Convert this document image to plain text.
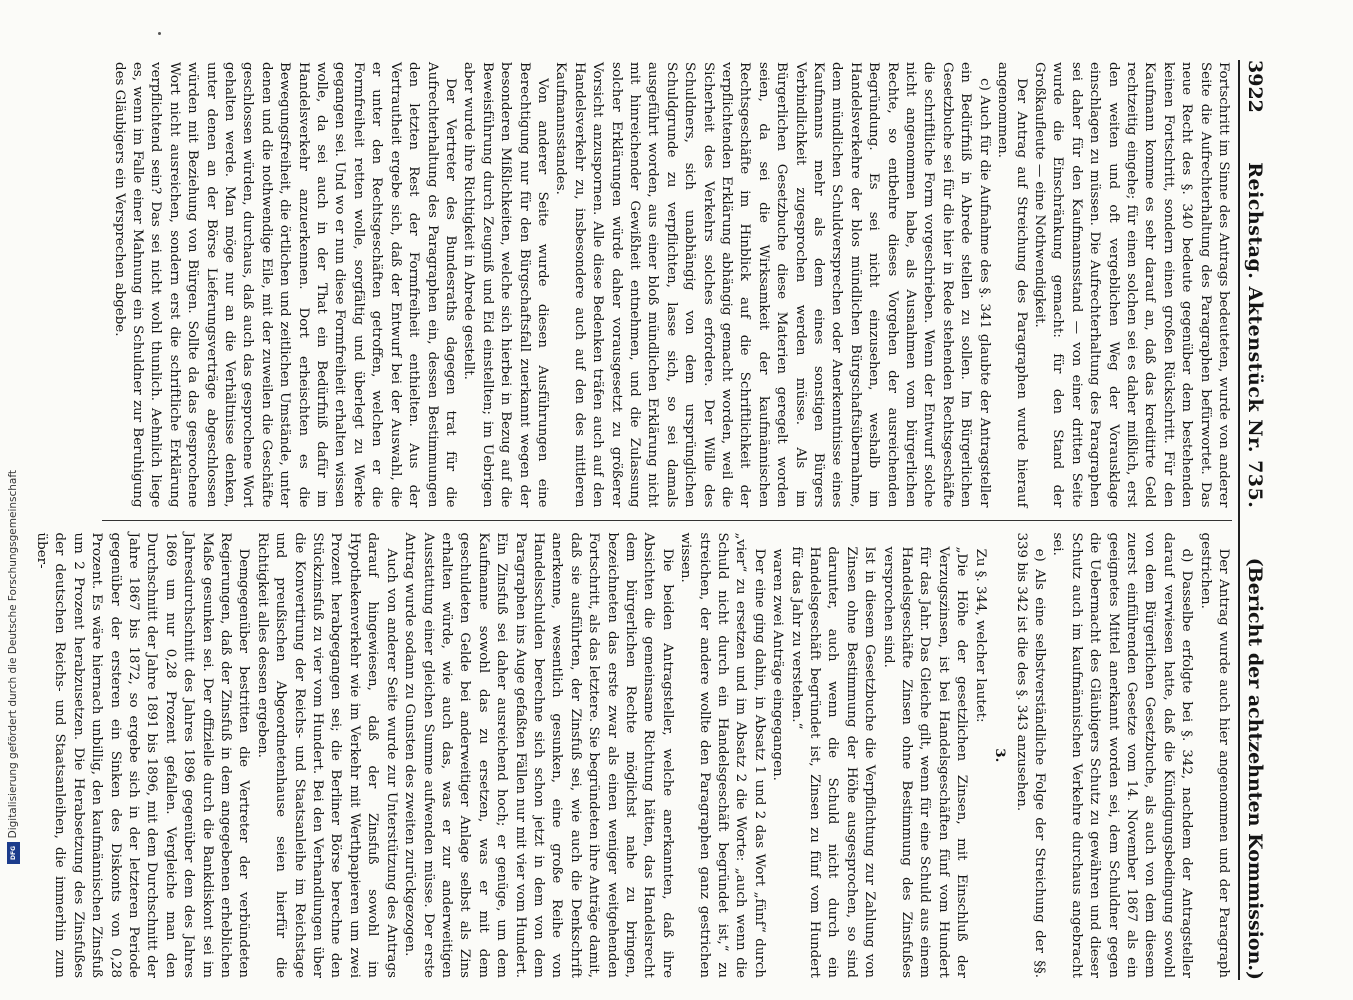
3922
Reichstag. Aktenstück Nr. 735.
(Bericht der achtzehnten Kommission.)

Fortschritt im Sinne des Antrags bedeuteten, wurde von anderer Seite die Aufrechterhaltung des Paragraphen befürwortet. Das neue Recht des §. 340 bedeute gegenüber dem bestehenden keinen Fortschritt, sondern einen großen Rückschritt. Für den Kaufmann komme es sehr darauf an, daß das kreditirte Geld rechtzeitig eingehe; für einen solchen sei es daher mißlich, erst den weiten und oft vergeblichen Weg der Vorausklage einschlagen zu müssen. Die Aufrechterhaltung des Paragraphen sei daher für den Kaufmannsstand — von einer dritten Seite wurde die Einschränkung gemacht: für den Stand der Großkaufleute — eine Nothwendigkeit.

Der Antrag auf Streichung des Paragraphen wurde hierauf angenommen.

c) Auch für die Aufnahme des §. 341 glaubte der Antragsteller ein Bedürfniß in Abrede stellen zu sollen. Im Bürgerlichen Gesetzbuche sei für die hier in Rede stehenden Rechtsgeschäfte die schriftliche Form vorgeschrieben. Wenn der Entwurf solche nicht angenommen habe, als Ausnahmen vom bürgerlichen Rechte, so entbehre dieses Vorgehen der ausreichenden Begründung. Es sei nicht einzusehen, weshalb im Handelsverkehre der blos mündlichen Bürgschaftsübernahme, dem mündlichen Schuldversprechen oder Anerkenntnisse eines Kaufmanns mehr als dem eines sonstigen Bürgers Verbindlichkeit zugesprochen werden müsse. Als im Bürgerlichen Gesetzbuche diese Materien geregelt worden seien, da sei die Wirksamkeit der kaufmännischen Rechtsgeschäfte im Hinblick auf die Schriftlichkeit der verpflichtenden Erklärung abhängig gemacht worden, weil die Sicherheit des Verkehrs solches erfordere. Der Wille des Schuldners, sich unabhängig von dem ursprünglichen Schuldgrunde zu verpflichten, lasse sich, so sei damals ausgeführt worden, aus einer bloß mündlichen Erklärung nicht mit hinreichender Gewißheit entnehmen, und die Zulassung solcher Erklärungen würde daher vorausgesetzt zu größerer Vorsicht anzuspornen. Alle diese Bedenken träfen auch auf den Handelsverkehr zu, insbesondere auch auf den des mittleren Kaufmannsstandes.

Von anderer Seite wurde diesen Ausführungen eine Berechtigung nur für den Bürgschaftsfall zuerkannt wegen der besonderen Mißlichkeiten, welche sich hierbei in Bezug auf die Beweisführung durch Zeugniß und Eid einstellten; im Uebrigen aber wurde ihre Richtigkeit in Abrede gestellt.

Der Vertreter des Bundesraths dagegen trat für die Aufrechterhaltung des Paragraphen ein, dessen Bestimmungen den letzten Rest der Formfreiheit enthielten. Aus der Vertrautheit ergebe sich, daß der Entwurf bei der Auswahl, die er unter den Rechtsgeschäften getroffen, welchen er die Formfreiheit retten wolle, sorgfältig und überlegt zu Werke gegangen sei. Und wo er nun diese Formfreiheit erhalten wissen wolle, da sei auch in der That ein Bedürfniß dafür im Handelsverkehr anzuerkennen. Dort erheischten es die Bewegungsfreiheit, die örtlichen und zeitlichen Umstände, unter denen und die nothwendige Eile, mit der zuweilen die Geschäfte geschlossen würden, durchaus, daß auch das gesprochene Wort gehalten werde. Man möge nur an die Verhältnisse denken, unter denen an der Börse Lieferungsverträge abgeschlossen würden mit Beziehung von Bürgen. Sollte da das gesprochene Wort nicht ausreichen, sondern erst die schriftliche Erklärung verpflichtend sein? Das sei nicht wohl thunlich. Aehnlich liege es, wenn im Falle einer Mahnung ein Schuldner zur Beruhigung des Gläubigers ein Versprechen abgebe.

Der Antrag wurde auch hier angenommen und der Paragraph gestrichen.

d) Dasselbe erfolgte bei §. 342, nachdem der Antragsteller darauf verwiesen hatte, daß die Kündigungsbedingung sowohl von dem Bürgerlichen Gesetzbuche, als auch von dem diesem zuerst einführenden Gesetze vom 14. November 1867 als ein geeignetes Mittel anerkannt worden sei, dem Schuldner gegen die Uebermacht des Gläubigers Schutz zu gewähren und dieser Schutz auch im kaufmännischen Verkehre durchaus angebracht sei.

e) Als eine selbstverständliche Folge der Streichung der §§. 339 bis 342 ist die des §. 343 anzusehen.

3.

Zu §. 344, welcher lautet:

„Die Höhe der gesetzlichen Zinsen, mit Einschluß der Verzugszinsen, ist bei Handelsgeschäften fünf vom Hundert für das Jahr. Das Gleiche gilt, wenn für eine Schuld aus einem Handelsgeschäfte Zinsen ohne Bestimmung des Zinsfußes versprochen sind.

Ist in diesem Gesetzbuche die Verpflichtung zur Zahlung von Zinsen ohne Bestimmung der Höhe ausgesprochen, so sind darunter, auch wenn die Schuld nicht durch ein Handelsgeschäft begründet ist, Zinsen zu fünf vom Hundert für das Jahr zu verstehen.“

waren zwei Anträge eingegangen.

Der eine ging dahin, in Absatz 1 und 2 das Wort „fünf“ durch „vier“ zu ersetzen und im Absatz 2 die Worte: „auch wenn die Schuld nicht durch ein Handelsgeschäft begründet ist,“ zu streichen, der andere wollte den Paragraphen ganz gestrichen wissen.

Die beiden Antragsteller, welche anerkannten, daß ihre Absichten die gemeinsame Richtung hätten, das Handelsrecht dem bürgerlichen Rechte möglichst nahe zu bringen, bezeichneten das erste zwar als einen weniger weitgehenden Fortschritt, als das letztere. Sie begründeten ihre Anträge damit, daß sie ausführten, der Zinsfuß sei, wie auch die Denkschrift anerkenne, wesentlich gesunken, eine große Reihe von Handelsschulden berechne sich schon jetzt in dem von dem Paragraphen ins Auge gefaßten Fällen nur mit vier vom Hundert. Ein Zinsfuß sei daher ausreichend hoch; er genüge, um dem Kaufmanne sowohl das zu ersetzen, was er mit dem geschuldeten Gelde bei anderweitiger Anlage selbst als Zins erhalten würde, wie auch das, was er zur anderweitigen Ausstattung einer gleichen Summe aufwenden müsse. Der erste Antrag wurde sodann zu Gunsten des zweiten zurückgezogen.

Auch von anderer Seite wurde zur Unterstützung des Antrags darauf hingewiesen, daß der Zinsfuß sowohl im Hypothekenverkehr wie im Verkehr mit Werthpapieren um zwei Prozent herabgegangen sei; die Berliner Börse berechne den Stückzinsfuß zu vier vom Hundert. Bei den Verhandlungen über die Konvertirung der Reichs- und Staatsanleihe im Reichstage und preußischen Abgeordnetenhause seien hierfür die Richtigkeit alles dessen ergeben.

Demgegenüber bestritten die Vertreter der verbündeten Regierungen, daß der Zinsfuß in dem angegebenen erheblichen Maße gesunken sei. Der offizielle durch die Bankdiskont sei im Jahresdurchschnitt des Jahres 1896 gegenüber dem des Jahres 1869 um nur 0,28 Prozent gefallen. Vergleiche man den Durchschnitt der Jahre 1891 bis 1896, mit dem Durchschnitt der Jahre 1867 bis 1872, so ergebe sich in der letzteren Periode gegenüber der ersteren ein Sinken des Diskonts von 0,28 Prozent. Es wäre hiernach unbillig, den kaufmännischen Zinsfuß um 2 Prozent herabzusetzen. Die Herabsetzung des Zinsfußes der deutschen Reichs- und Staatsanleihen, die immerhin zum über-

Digitalisierung gefördert durch die Deutsche Forschungsgemeinschaft
DFG
